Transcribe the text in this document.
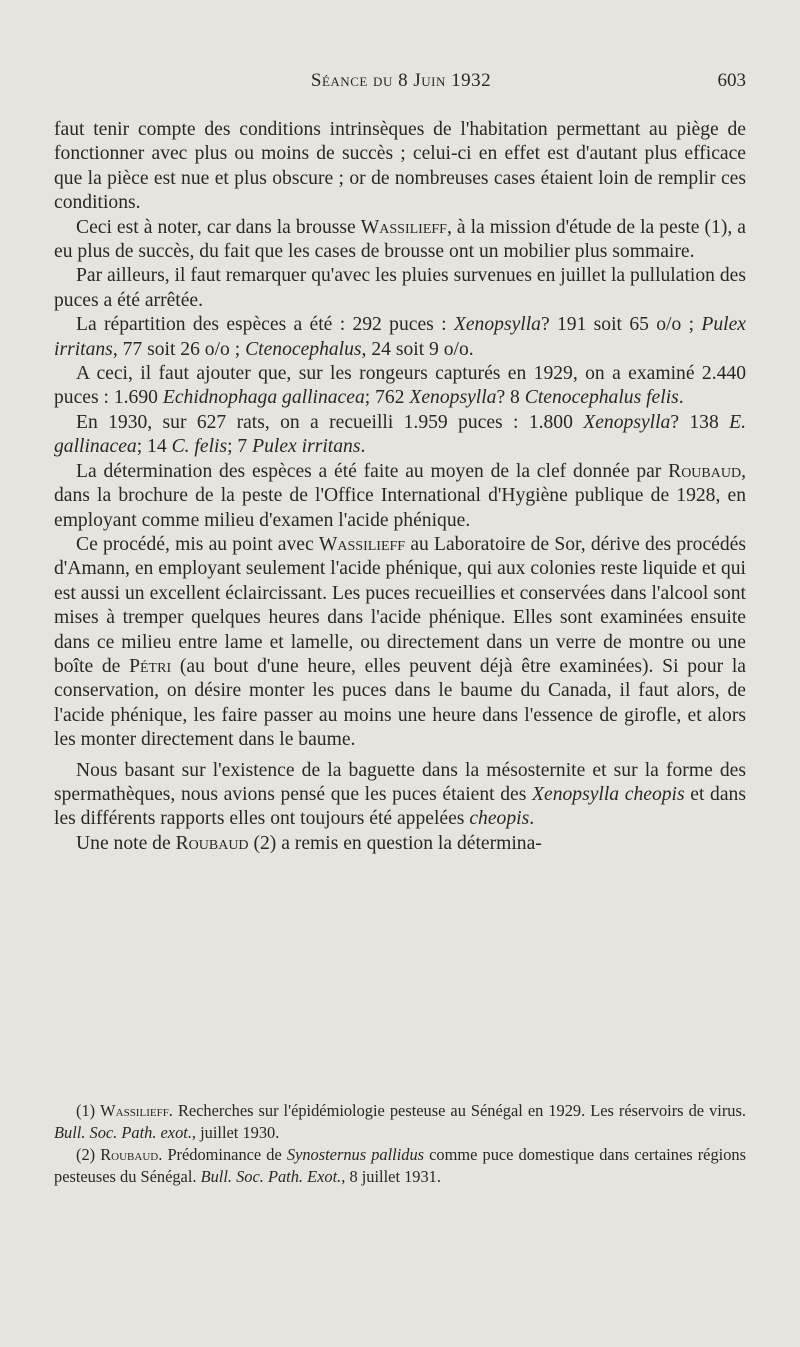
Séance du 8 Juin 1932	603

faut tenir compte des conditions intrinsèques de l'habitation permettant au piège de fonctionner avec plus ou moins de succès ; celui-ci en effet est d'autant plus efficace que la pièce est nue et plus obscure ; or de nombreuses cases étaient loin de remplir ces conditions.

Ceci est à noter, car dans la brousse Wassilieff, à la mission d'étude de la peste (1), a eu plus de succès, du fait que les cases de brousse ont un mobilier plus sommaire.

Par ailleurs, il faut remarquer qu'avec les pluies survenues en juillet la pullulation des puces a été arrêtée.

La répartition des espèces a été : 292 puces : Xenopsylla? 191 soit 65 o/o ; Pulex irritans, 77 soit 26 o/o ; Ctenocephalus, 24 soit 9 o/o.

A ceci, il faut ajouter que, sur les rongeurs capturés en 1929, on a examiné 2.440 puces : 1.690 Echidnophaga gallinacea; 762 Xenopsylla? 8 Ctenocephalus felis.

En 1930, sur 627 rats, on a recueilli 1.959 puces : 1.800 Xenopsylla? 138 E. gallinacea; 14 C. felis; 7 Pulex irritans.

La détermination des espèces a été faite au moyen de la clef donnée par Roubaud, dans la brochure de la peste de l'Office International d'Hygiène publique de 1928, en employant comme milieu d'examen l'acide phénique.

Ce procédé, mis au point avec Wassilieff au Laboratoire de Sor, dérive des procédés d'Amann, en employant seulement l'acide phénique, qui aux colonies reste liquide et qui est aussi un excellent éclaircissant. Les puces recueillies et conservées dans l'alcool sont mises à tremper quelques heures dans l'acide phénique. Elles sont examinées ensuite dans ce milieu entre lame et lamelle, ou directement dans un verre de montre ou une boîte de Pétri (au bout d'une heure, elles peuvent déjà être examinées). Si pour la conservation, on désire monter les puces dans le baume du Canada, il faut alors, de l'acide phénique, les faire passer au moins une heure dans l'essence de girofle, et alors les monter directement dans le baume.

Nous basant sur l'existence de la baguette dans la mésosternite et sur la forme des spermathèques, nous avions pensé que les puces étaient des Xenopsylla cheopis et dans les différents rapports elles ont toujours été appelées cheopis.

Une note de Roubaud (2) a remis en question la détermina-

(1) Wassilieff. Recherches sur l'épidémiologie pesteuse au Sénégal en 1929. Les réservoirs de virus. Bull. Soc. Path. exot., juillet 1930.

(2) Roubaud. Prédominance de Synosternus pallidus comme puce domestique dans certaines régions pesteuses du Sénégal. Bull. Soc. Path. Exot., 8 juillet 1931.
